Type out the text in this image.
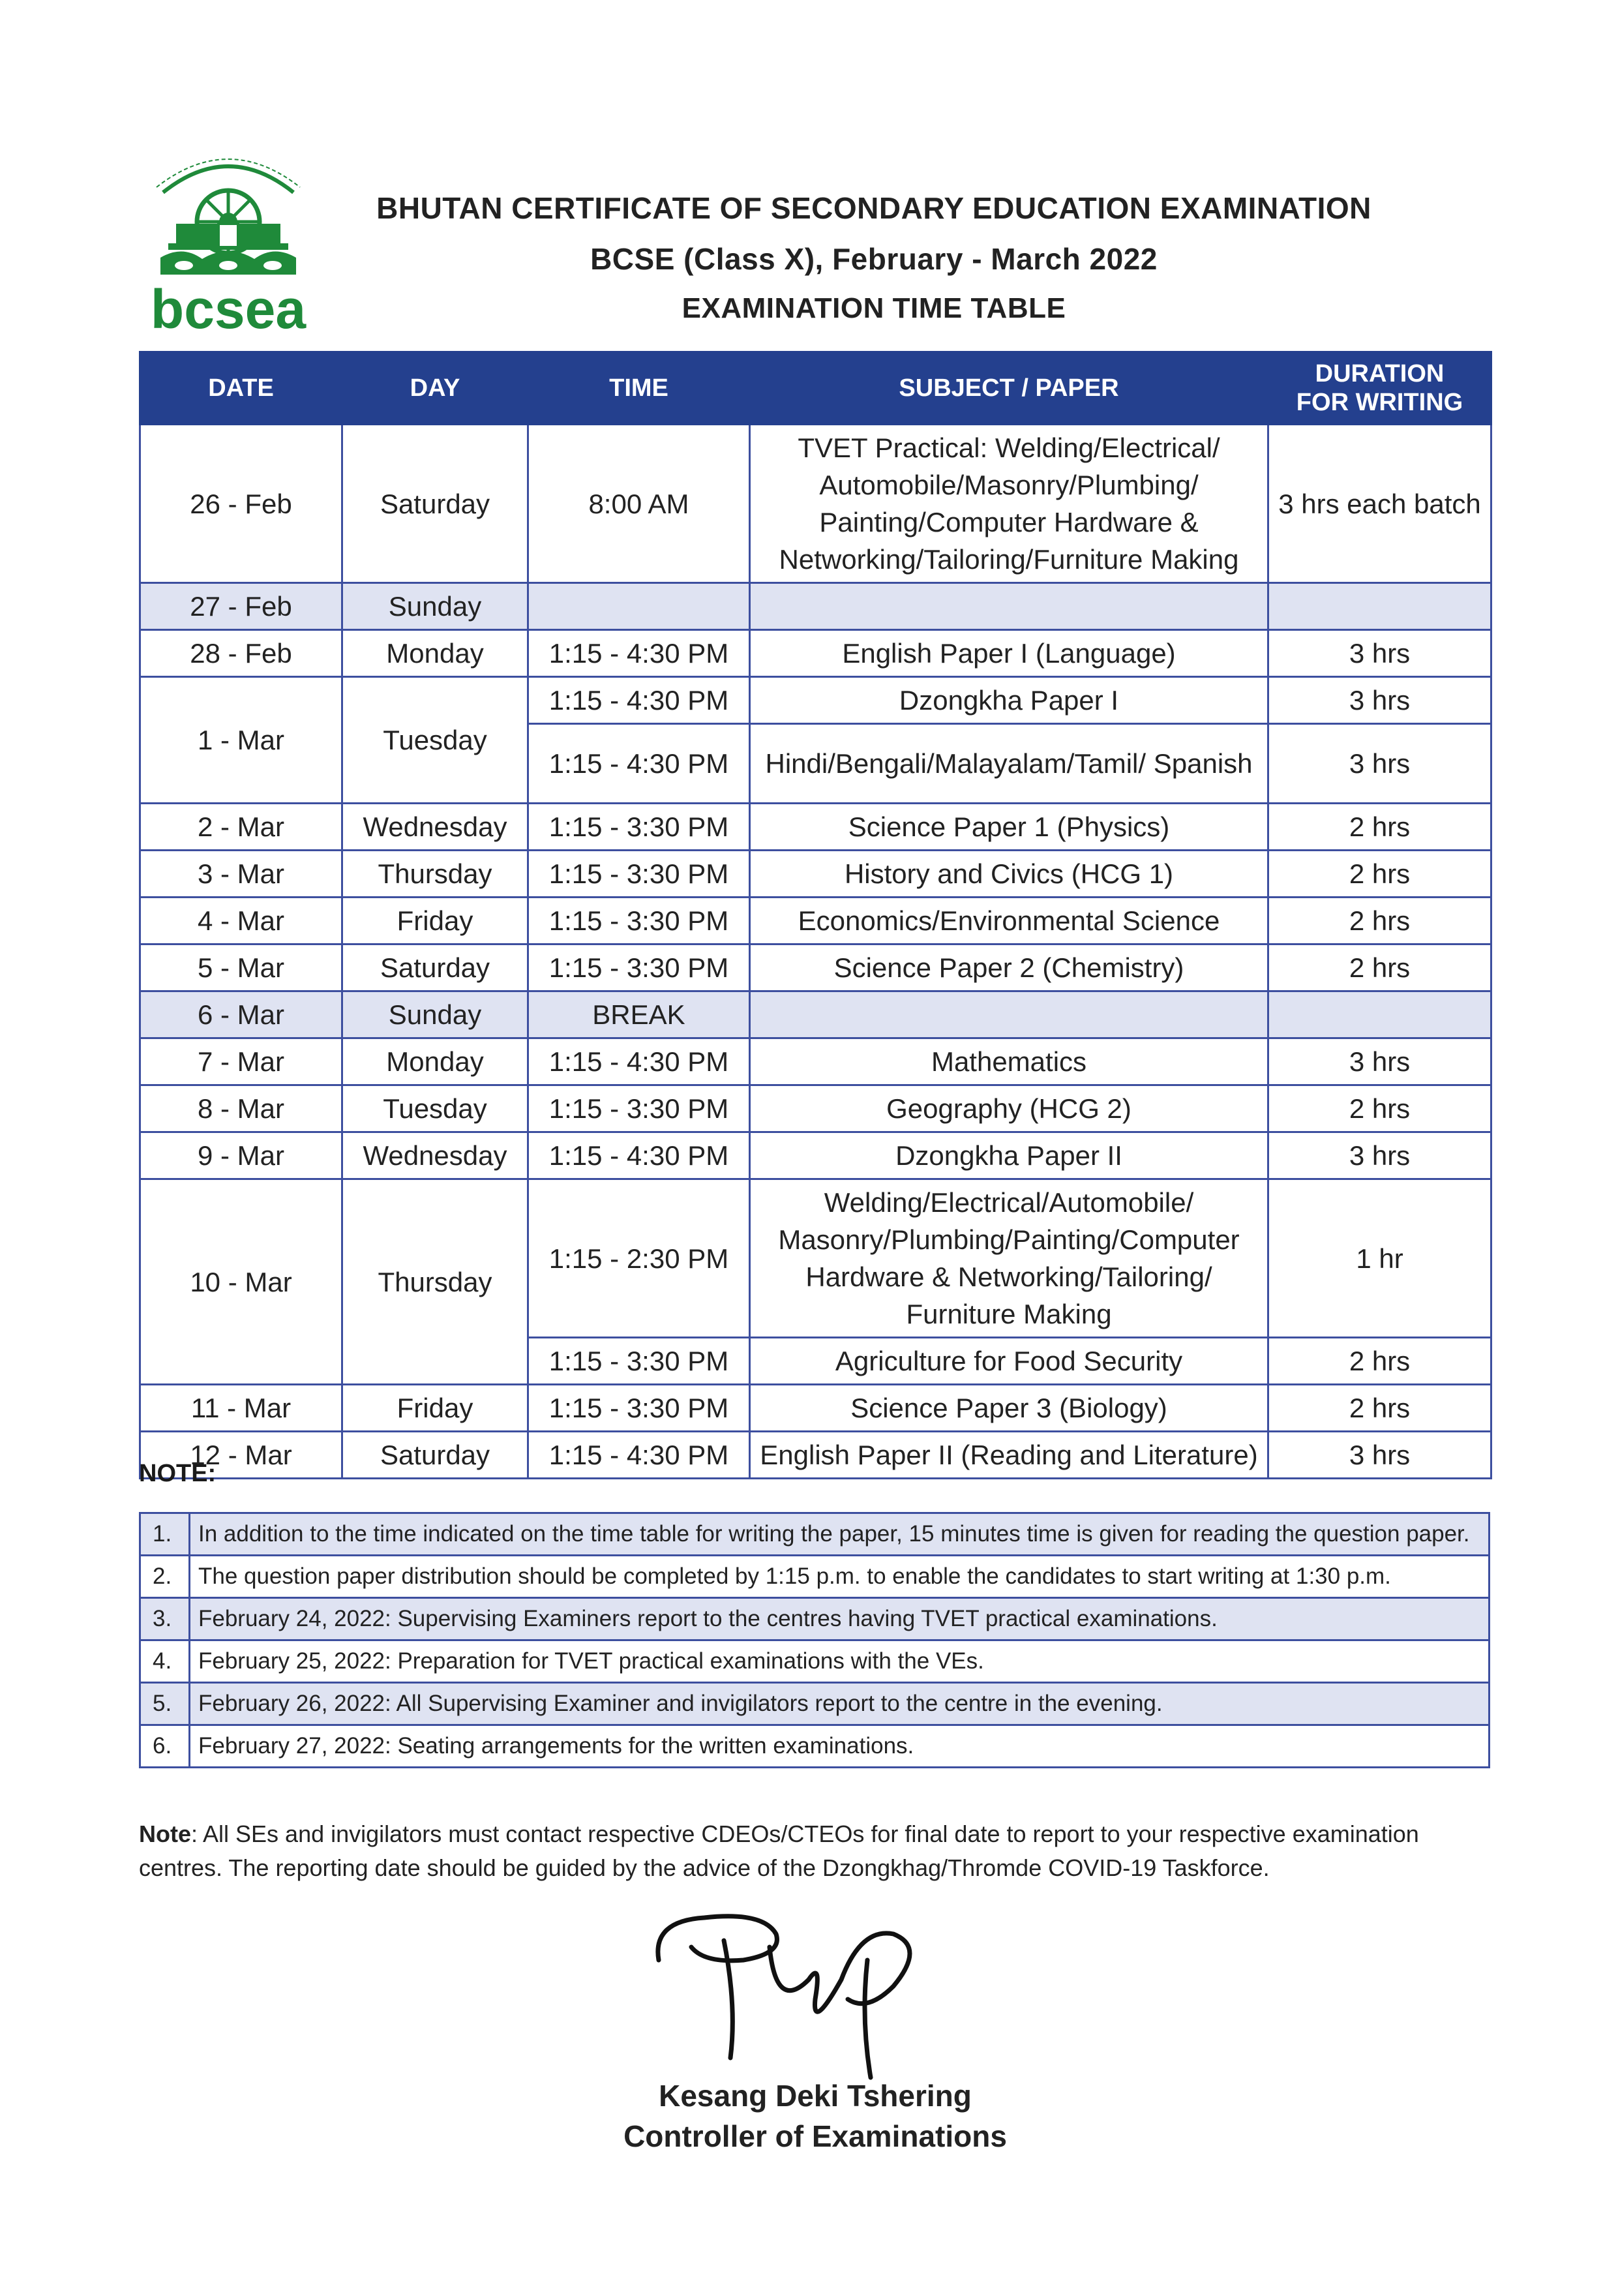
bcsea
BHUTAN CERTIFICATE OF SECONDARY EDUCATION EXAMINATION
BCSE (Class X), February - March 2022
EXAMINATION TIME TABLE
DATE	DAY	TIME	SUBJECT / PAPER	DURATION FOR WRITING
26 - Feb	Saturday	8:00 AM	TVET Practical: Welding/Electrical/ Automobile/Masonry/Plumbing/ Painting/Computer Hardware & Networking/Tailoring/Furniture Making	3 hrs each batch
27 - Feb	Sunday			
28 - Feb	Monday	1:15 - 4:30 PM	English Paper I (Language)	3 hrs
1 - Mar	Tuesday	1:15 - 4:30 PM	Dzongkha Paper I	3 hrs
		1:15 - 4:30 PM	Hindi/Bengali/Malayalam/Tamil/ Spanish	3 hrs
2 - Mar	Wednesday	1:15 - 3:30 PM	Science Paper 1 (Physics)	2 hrs
3 - Mar	Thursday	1:15 - 3:30 PM	History and Civics (HCG 1)	2 hrs
4 - Mar	Friday	1:15 - 3:30 PM	Economics/Environmental Science	2 hrs
5 - Mar	Saturday	1:15 - 3:30 PM	Science Paper 2 (Chemistry)	2 hrs
6 - Mar	Sunday	BREAK		
7 - Mar	Monday	1:15 - 4:30 PM	Mathematics	3 hrs
8 - Mar	Tuesday	1:15 - 3:30 PM	Geography (HCG 2)	2 hrs
9 - Mar	Wednesday	1:15 - 4:30 PM	Dzongkha Paper II	3 hrs
10 - Mar	Thursday	1:15 - 2:30 PM	Welding/Electrical/Automobile/ Masonry/Plumbing/Painting/Computer Hardware & Networking/Tailoring/ Furniture Making	1 hr
		1:15 - 3:30 PM	Agriculture for Food Security	2 hrs
11 - Mar	Friday	1:15 - 3:30 PM	Science Paper 3 (Biology)	2 hrs
12 - Mar	Saturday	1:15 - 4:30 PM	English Paper II (Reading and Literature)	3 hrs
NOTE:
1.	In addition to the time indicated on the time table for writing the paper, 15 minutes time is given for reading the question paper.
2.	The question paper distribution should be completed by 1:15 p.m. to enable the candidates to start writing at 1:30 p.m.
3.	February 24, 2022: Supervising Examiners report to the centres having TVET practical examinations.
4.	February 25, 2022: Preparation for TVET practical examinations with the VEs.
5.	February 26, 2022: All Supervising Examiner and invigilators report to the centre in the evening.
6.	February 27, 2022: Seating arrangements for the written examinations.
Note: All SEs and invigilators must contact respective CDEOs/CTEOs for final date to report to your respective examination centres. The reporting date should be guided by the advice of the Dzongkhag/Thromde COVID-19 Taskforce.
Kesang Deki Tshering
Controller of Examinations
